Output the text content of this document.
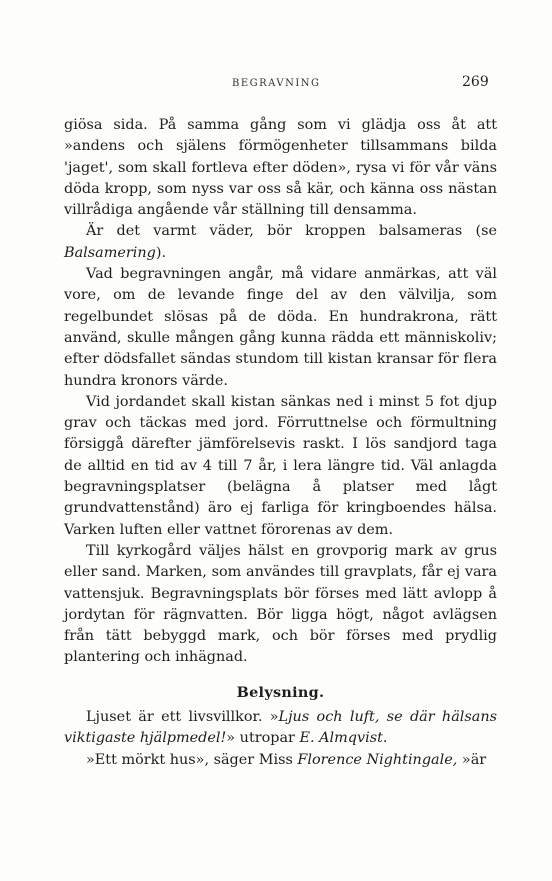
BEGRAVNING	269

giösa sida. På samma gång som vi glädja oss åt att »andens och själens förmögenheter tillsammans bilda 'jaget', som skall fortleva efter döden», rysa vi för vår väns döda kropp, som nyss var oss så kär, och känna oss nästan villrådiga angående vår ställning till densamma.

Är det varmt väder, bör kroppen balsameras (se Balsamering).

Vad begravningen angår, må vidare anmärkas, att väl vore, om de levande finge del av den välvilja, som regelbundet slösas på de döda. En hundrakrona, rätt använd, skulle mången gång kunna rädda ett människoliv; efter dödsfallet sändas stundom till kistan kransar för flera hundra kronors värde.

Vid jordandet skall kistan sänkas ned i minst 5 fot djup grav och täckas med jord. Förruttnelse och förmultning försiggå därefter jämförelsevis raskt. I lös sandjord taga de alltid en tid av 4 till 7 år, i lera längre tid. Väl anlagda begravningsplatser (belägna å platser med lågt grundvattenstånd) äro ej farliga för kringboendes hälsa. Varken luften eller vattnet förorenas av dem.

Till kyrkogård väljes hälst en grovporig mark av grus eller sand. Marken, som användes till gravplats, får ej vara vattensjuk. Begravningsplats bör förses med lätt avlopp å jordytan för rägnvatten. Bör ligga högt, något avlägsen från tätt bebyggd mark, och bör förses med prydlig plantering och inhägnad.

Belysning.

Ljuset är ett livsvillkor. »Ljus och luft, se där hälsans viktigaste hjälpmedel!» utropar E. Almqvist.

»Ett mörkt hus», säger Miss Florence Nightingale, »är
